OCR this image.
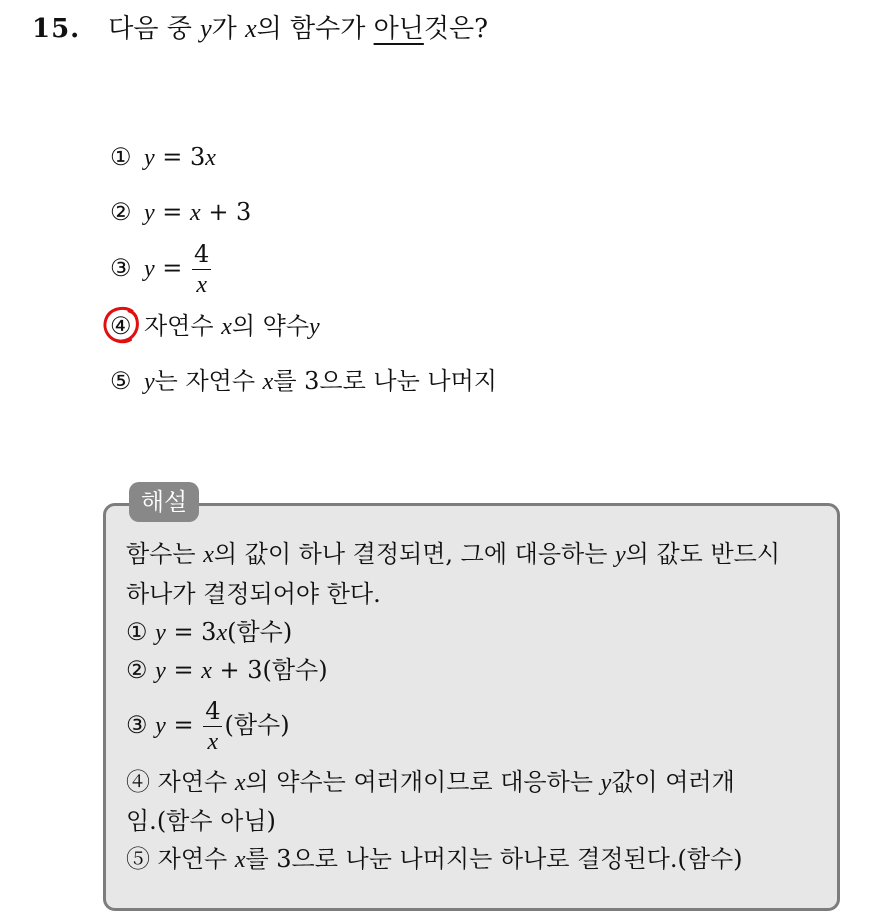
15. 다음 중 y가 x의 함수가 아닌것은?
① y = 3x
② y = x + 3
③ $y = \frac{4}{x}$
④ 자연수 x의 약수y
⑤ y는 자연수 x를 3으로 나눈 나머지
해설
함수는 x의 값이 하나 결정되면, 그에 대응하는 y의 값도 반드시
하나가 결정되어야 한다.
① y = 3x(함수)
② y = x + 3(함수)
③ $y = \frac{4}{x}$ (함수)
④ 자연수 x의 약수는 여러개이므로 대응하는 y값이 여러개
임.(함수 아님)
⑤ 자연수 x를 3으로 나눈 나머지는 하나로 결정된다.(함수)
